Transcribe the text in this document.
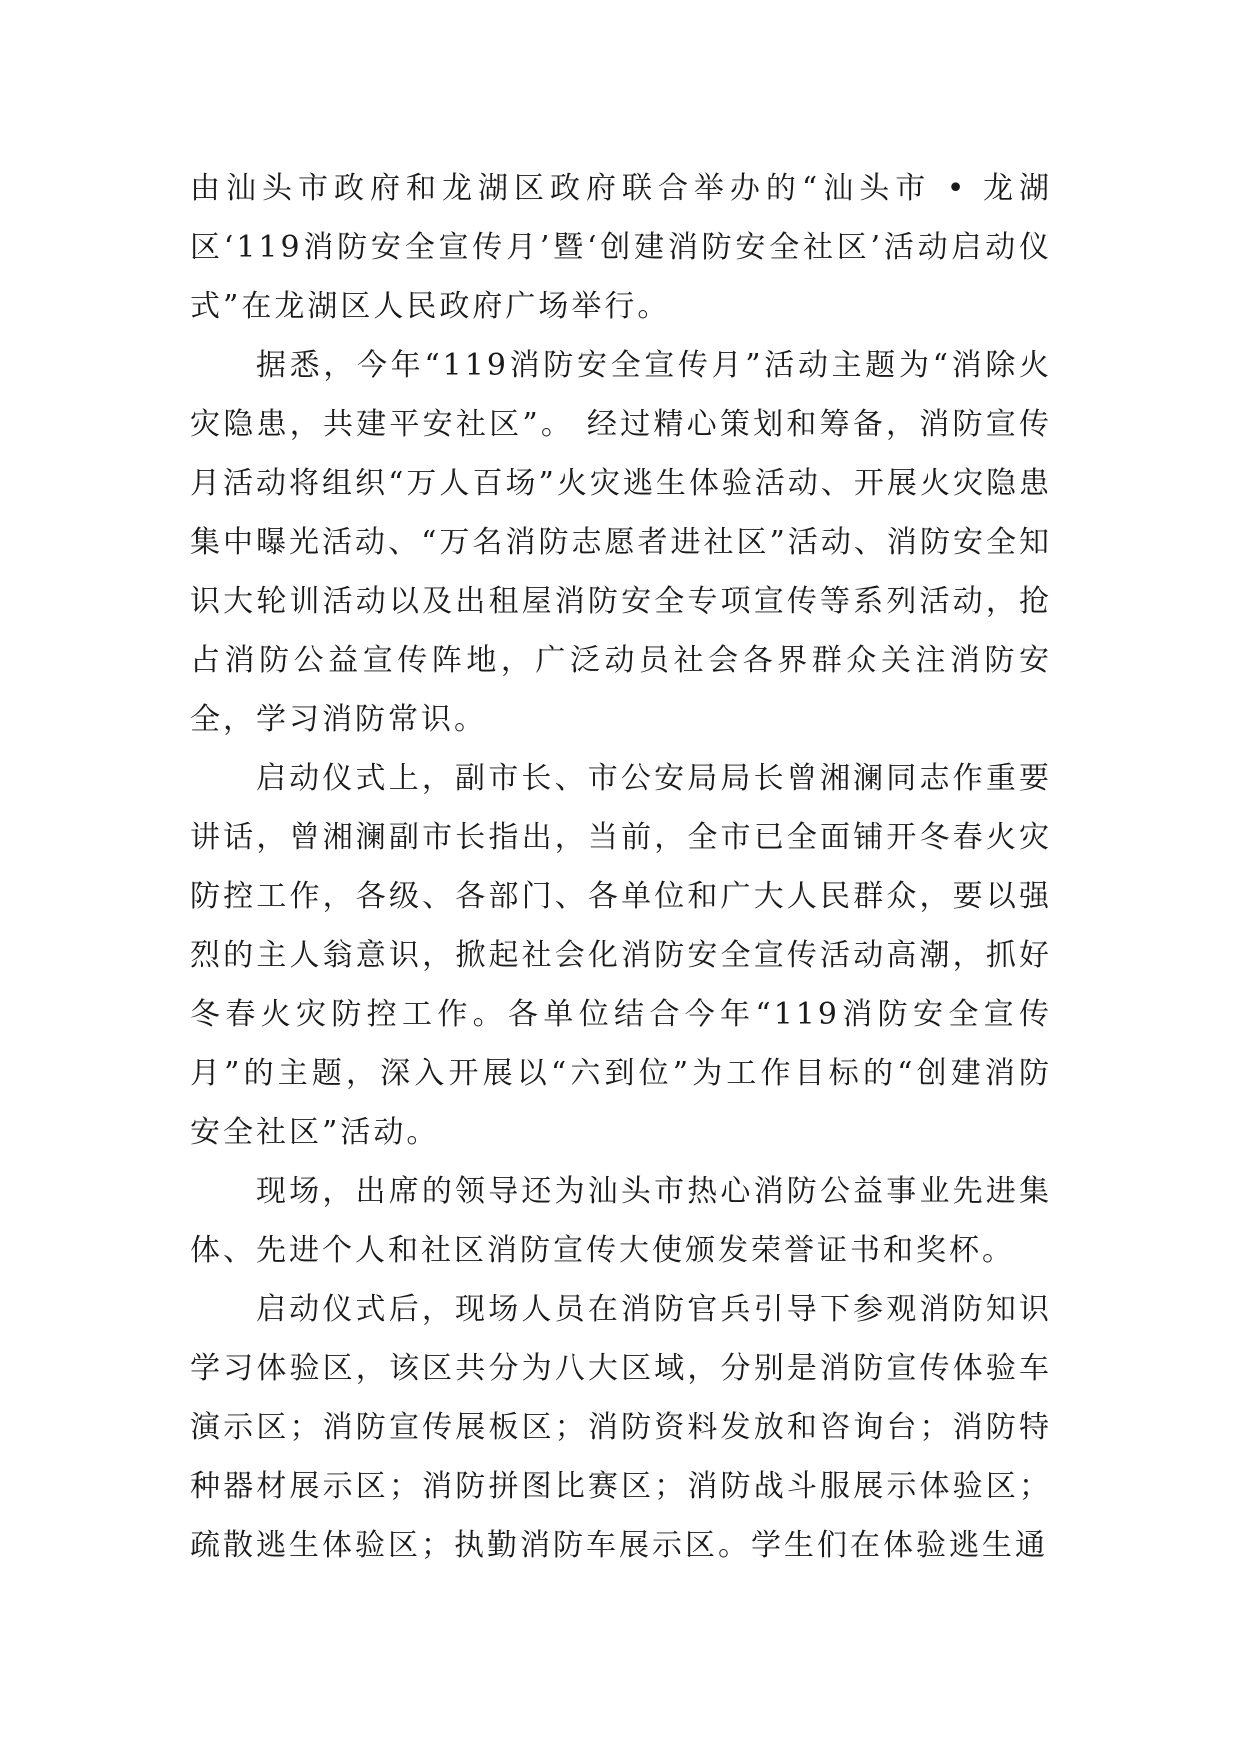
由汕头市政府和龙湖区政府联合举办的“汕头市 • 龙湖区‘119消防安全宣传月’暨‘创建消防安全社区’活动启动仪式”在龙湖区人民政府广场举行。

据悉，今年“119消防安全宣传月”活动主题为“消除火灾隐患，共建平安社区”。 经过精心策划和筹备，消防宣传月活动将组织“万人百场”火灾逃生体验活动、开展火灾隐患集中曝光活动、“万名消防志愿者进社区”活动、消防安全知识大轮训活动以及出租屋消防安全专项宣传等系列活动，抢占消防公益宣传阵地，广泛动员社会各界群众关注消防安全，学习消防常识。

启动仪式上，副市长、市公安局局长曾湘澜同志作重要讲话，曾湘澜副市长指出，当前，全市已全面铺开冬春火灾防控工作，各级、各部门、各单位和广大人民群众，要以强烈的主人翁意识，掀起社会化消防安全宣传活动高潮，抓好冬春火灾防控工作。各单位结合今年“119消防安全宣传月”的主题，深入开展以“六到位”为工作目标的“创建消防安全社区”活动。

现场，出席的领导还为汕头市热心消防公益事业先进集体、先进个人和社区消防宣传大使颁发荣誉证书和奖杯。

启动仪式后，现场人员在消防官兵引导下参观消防知识学习体验区，该区共分为八大区域，分别是消防宣传体验车演示区；消防宣传展板区；消防资料发放和咨询台；消防特种器材展示区；消防拼图比赛区；消防战斗服展示体验区；疏散逃生体验区；执勤消防车展示区。学生们在体验逃生通
